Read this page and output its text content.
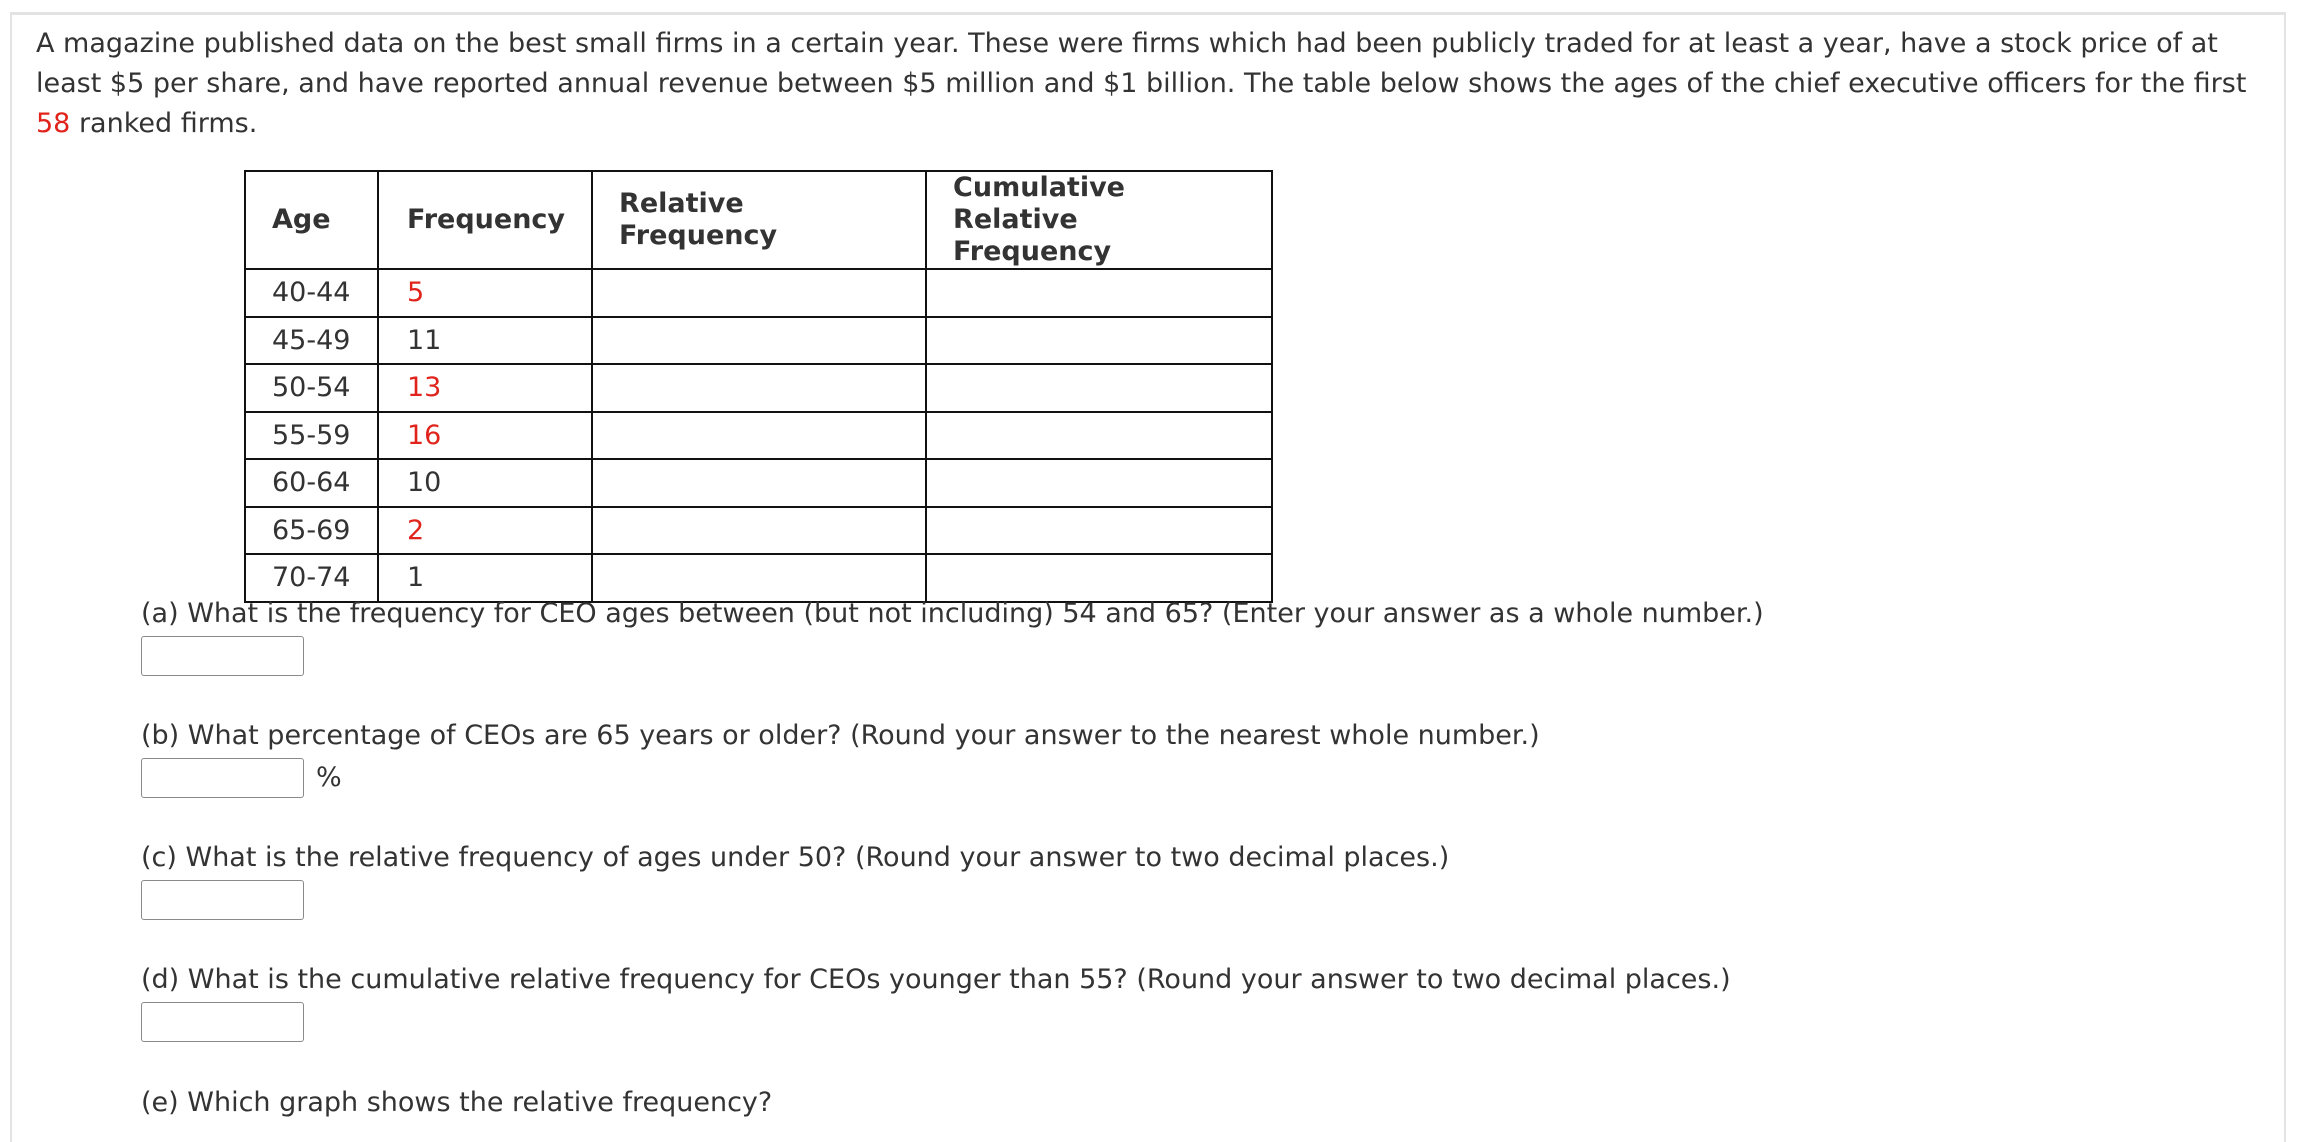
A magazine published data on the best small firms in a certain year. These were firms which had been publicly traded for at least a year, have a stock price of at least $5 per share, and have reported annual revenue between $5 million and $1 billion. The table below shows the ages of the chief executive officers for the first 58 ranked firms.
Age	Frequency	Relative Frequency	Cumulative Relative Frequency
40-44	5		
45-49	11		
50-54	13		
55-59	16		
60-64	10		
65-69	2		
70-74	1		
(a) What is the frequency for CEO ages between (but not including) 54 and 65? (Enter your answer as a whole number.)
(b) What percentage of CEOs are 65 years or older? (Round your answer to the nearest whole number.)
%
(c) What is the relative frequency of ages under 50? (Round your answer to two decimal places.)
(d) What is the cumulative relative frequency for CEOs younger than 55? (Round your answer to two decimal places.)
(e) Which graph shows the relative frequency?
